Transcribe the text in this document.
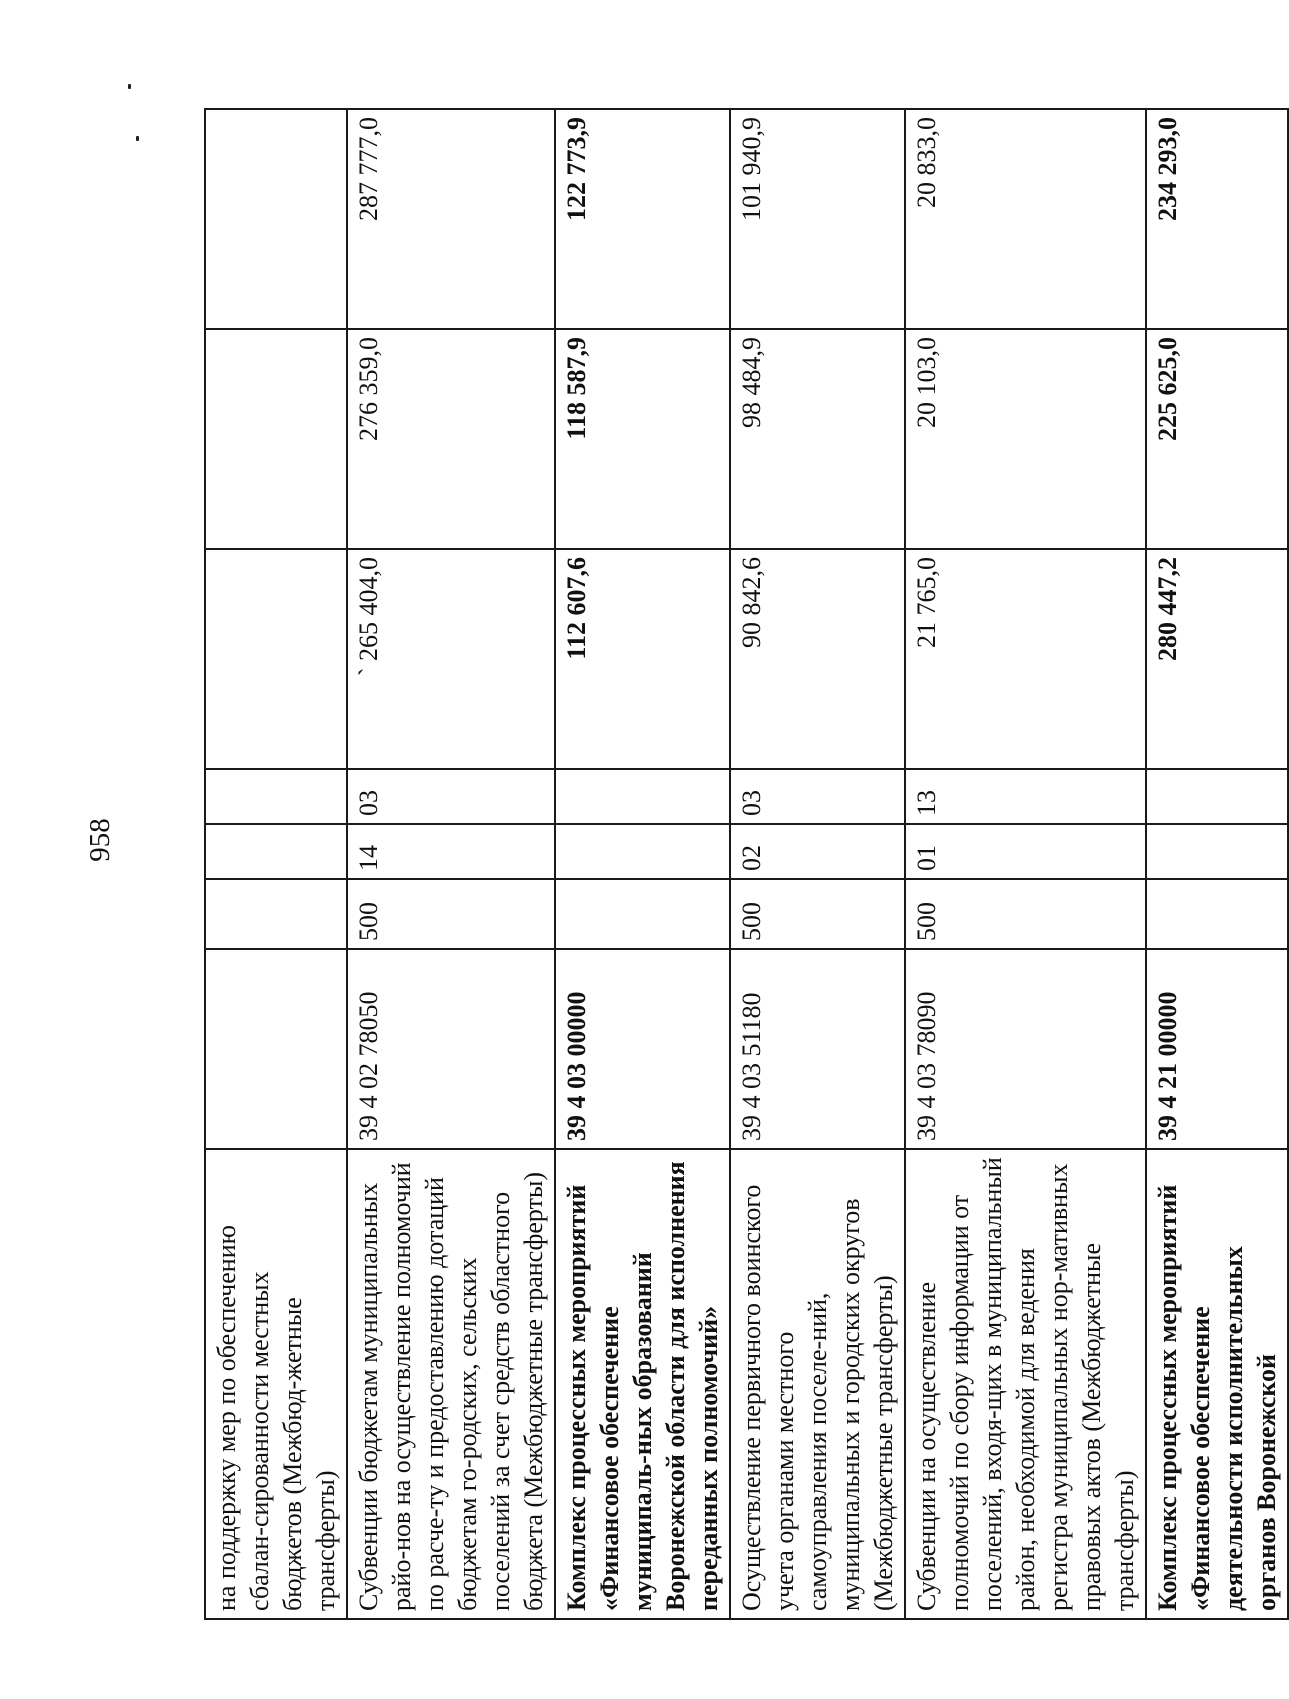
958
на поддержку мер по обеспечению сбалан-сированности местных бюджетов (Межбюд-жетные трансферты)							
Субвенции бюджетам муниципальных райо-нов на осуществление полномочий по расче-ту и предоставлению дотаций бюджетам го-родских, сельских поселений за счет средств областного бюджета (Межбюджетные трансферты)	39 4 02 78050	500	14	03	` 265 404,0	276 359,0	287 777,0
Комплекс процессных мероприятий «Финансовое обеспечение муниципаль-ных образований Воронежской области для исполнения переданных полномочий»	39 4 03 00000				112 607,6	118 587,9	122 773,9
Осуществление первичного воинского учета органами местного самоуправления поселе-ний, муниципальных и городских округов (Межбюджетные трансферты)	39 4 03 51180	500	02	03	90 842,6	98 484,9	101 940,9
Субвенции на осуществление полномочий по сбору информации от поселений, входя-щих в муниципальный район, необходимой для ведения регистра муниципальных нор-мативных правовых актов (Межбюджетные трансферты)	39 4 03 78090	500	01	13	21 765,0	20 103,0	20 833,0
Комплекс процессных мероприятий «Финансовое обеспечение деятельности исполнительных органов Воронежской	39 4 21 00000				280 447,2	225 625,0	234 293,0
